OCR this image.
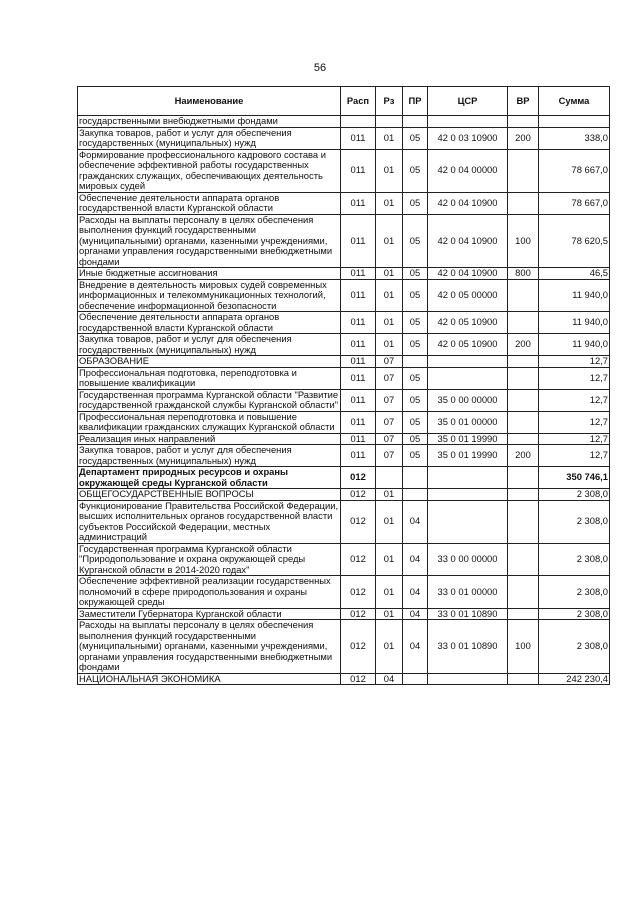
56
Наименование	Расп	Рз	ПР	ЦСР	ВР	Сумма
государственными внебюджетными фондами						
Закупка товаров, работ и услуг для обеспечения государственных (муниципальных) нужд	011	01	05	42 0 03 10900	200	338,0
Формирование профессионального кадрового состава и обеспечение эффективной работы государственных гражданских служащих, обеспечивающих деятельность мировых судей	011	01	05	42 0 04 00000		78 667,0
Обеспечение деятельности аппарата органов государственной власти Курганской области	011	01	05	42 0 04 10900		78 667,0
Расходы на выплаты персоналу в целях обеспечения выполнения функций государственными (муниципальными) органами, казенными учреждениями, органами управления государственными внебюджетными фондами	011	01	05	42 0 04 10900	100	78 620,5
Иные бюджетные ассигнования	011	01	05	42 0 04 10900	800	46,5
Внедрение в деятельность мировых судей современных информационных и телекоммуникационных технологий, обеспечение информационной безопасности	011	01	05	42 0 05 00000		11 940,0
Обеспечение деятельности аппарата органов государственной власти Курганской области	011	01	05	42 0 05 10900		11 940,0
Закупка товаров, работ и услуг для обеспечения государственных (муниципальных) нужд	011	01	05	42 0 05 10900	200	11 940,0
ОБРАЗОВАНИЕ	011	07				12,7
Профессиональная подготовка, переподготовка и повышение квалификации	011	07	05			12,7
Государственная программа Курганской области "Развитие государственной гражданской службы Курганской области"	011	07	05	35 0 00 00000		12,7
Профессиональная переподготовка и повышение квалификации гражданских служащих Курганской области	011	07	05	35 0 01 00000		12,7
Реализация иных направлений	011	07	05	35 0 01 19990		12,7
Закупка товаров, работ и услуг для обеспечения государственных (муниципальных) нужд	011	07	05	35 0 01 19990	200	12,7
Департамент природных ресурсов и охраны окружающей среды Курганской области	012					350 746,1
ОБЩЕГОСУДАРСТВЕННЫЕ ВОПРОСЫ	012	01				2 308,0
Функционирование Правительства Российской Федерации, высших исполнительных органов государственной власти субъектов Российской Федерации, местных администраций	012	01	04			2 308,0
Государственная программа Курганской области "Природопользование и охрана окружающей среды Курганской области в 2014-2020 годах"	012	01	04	33 0 00 00000		2 308,0
Обеспечение эффективной реализации государственных полномочий в сфере природопользования и охраны окружающей среды	012	01	04	33 0 01 00000		2 308,0
Заместители Губернатора Курганской области	012	01	04	33 0 01 10890		2 308,0
Расходы на выплаты персоналу в целях обеспечения выполнения функций государственными (муниципальными) органами, казенными учреждениями, органами управления государственными внебюджетными фондами	012	01	04	33 0 01 10890	100	2 308,0
НАЦИОНАЛЬНАЯ ЭКОНОМИКА	012	04				242 230,4
